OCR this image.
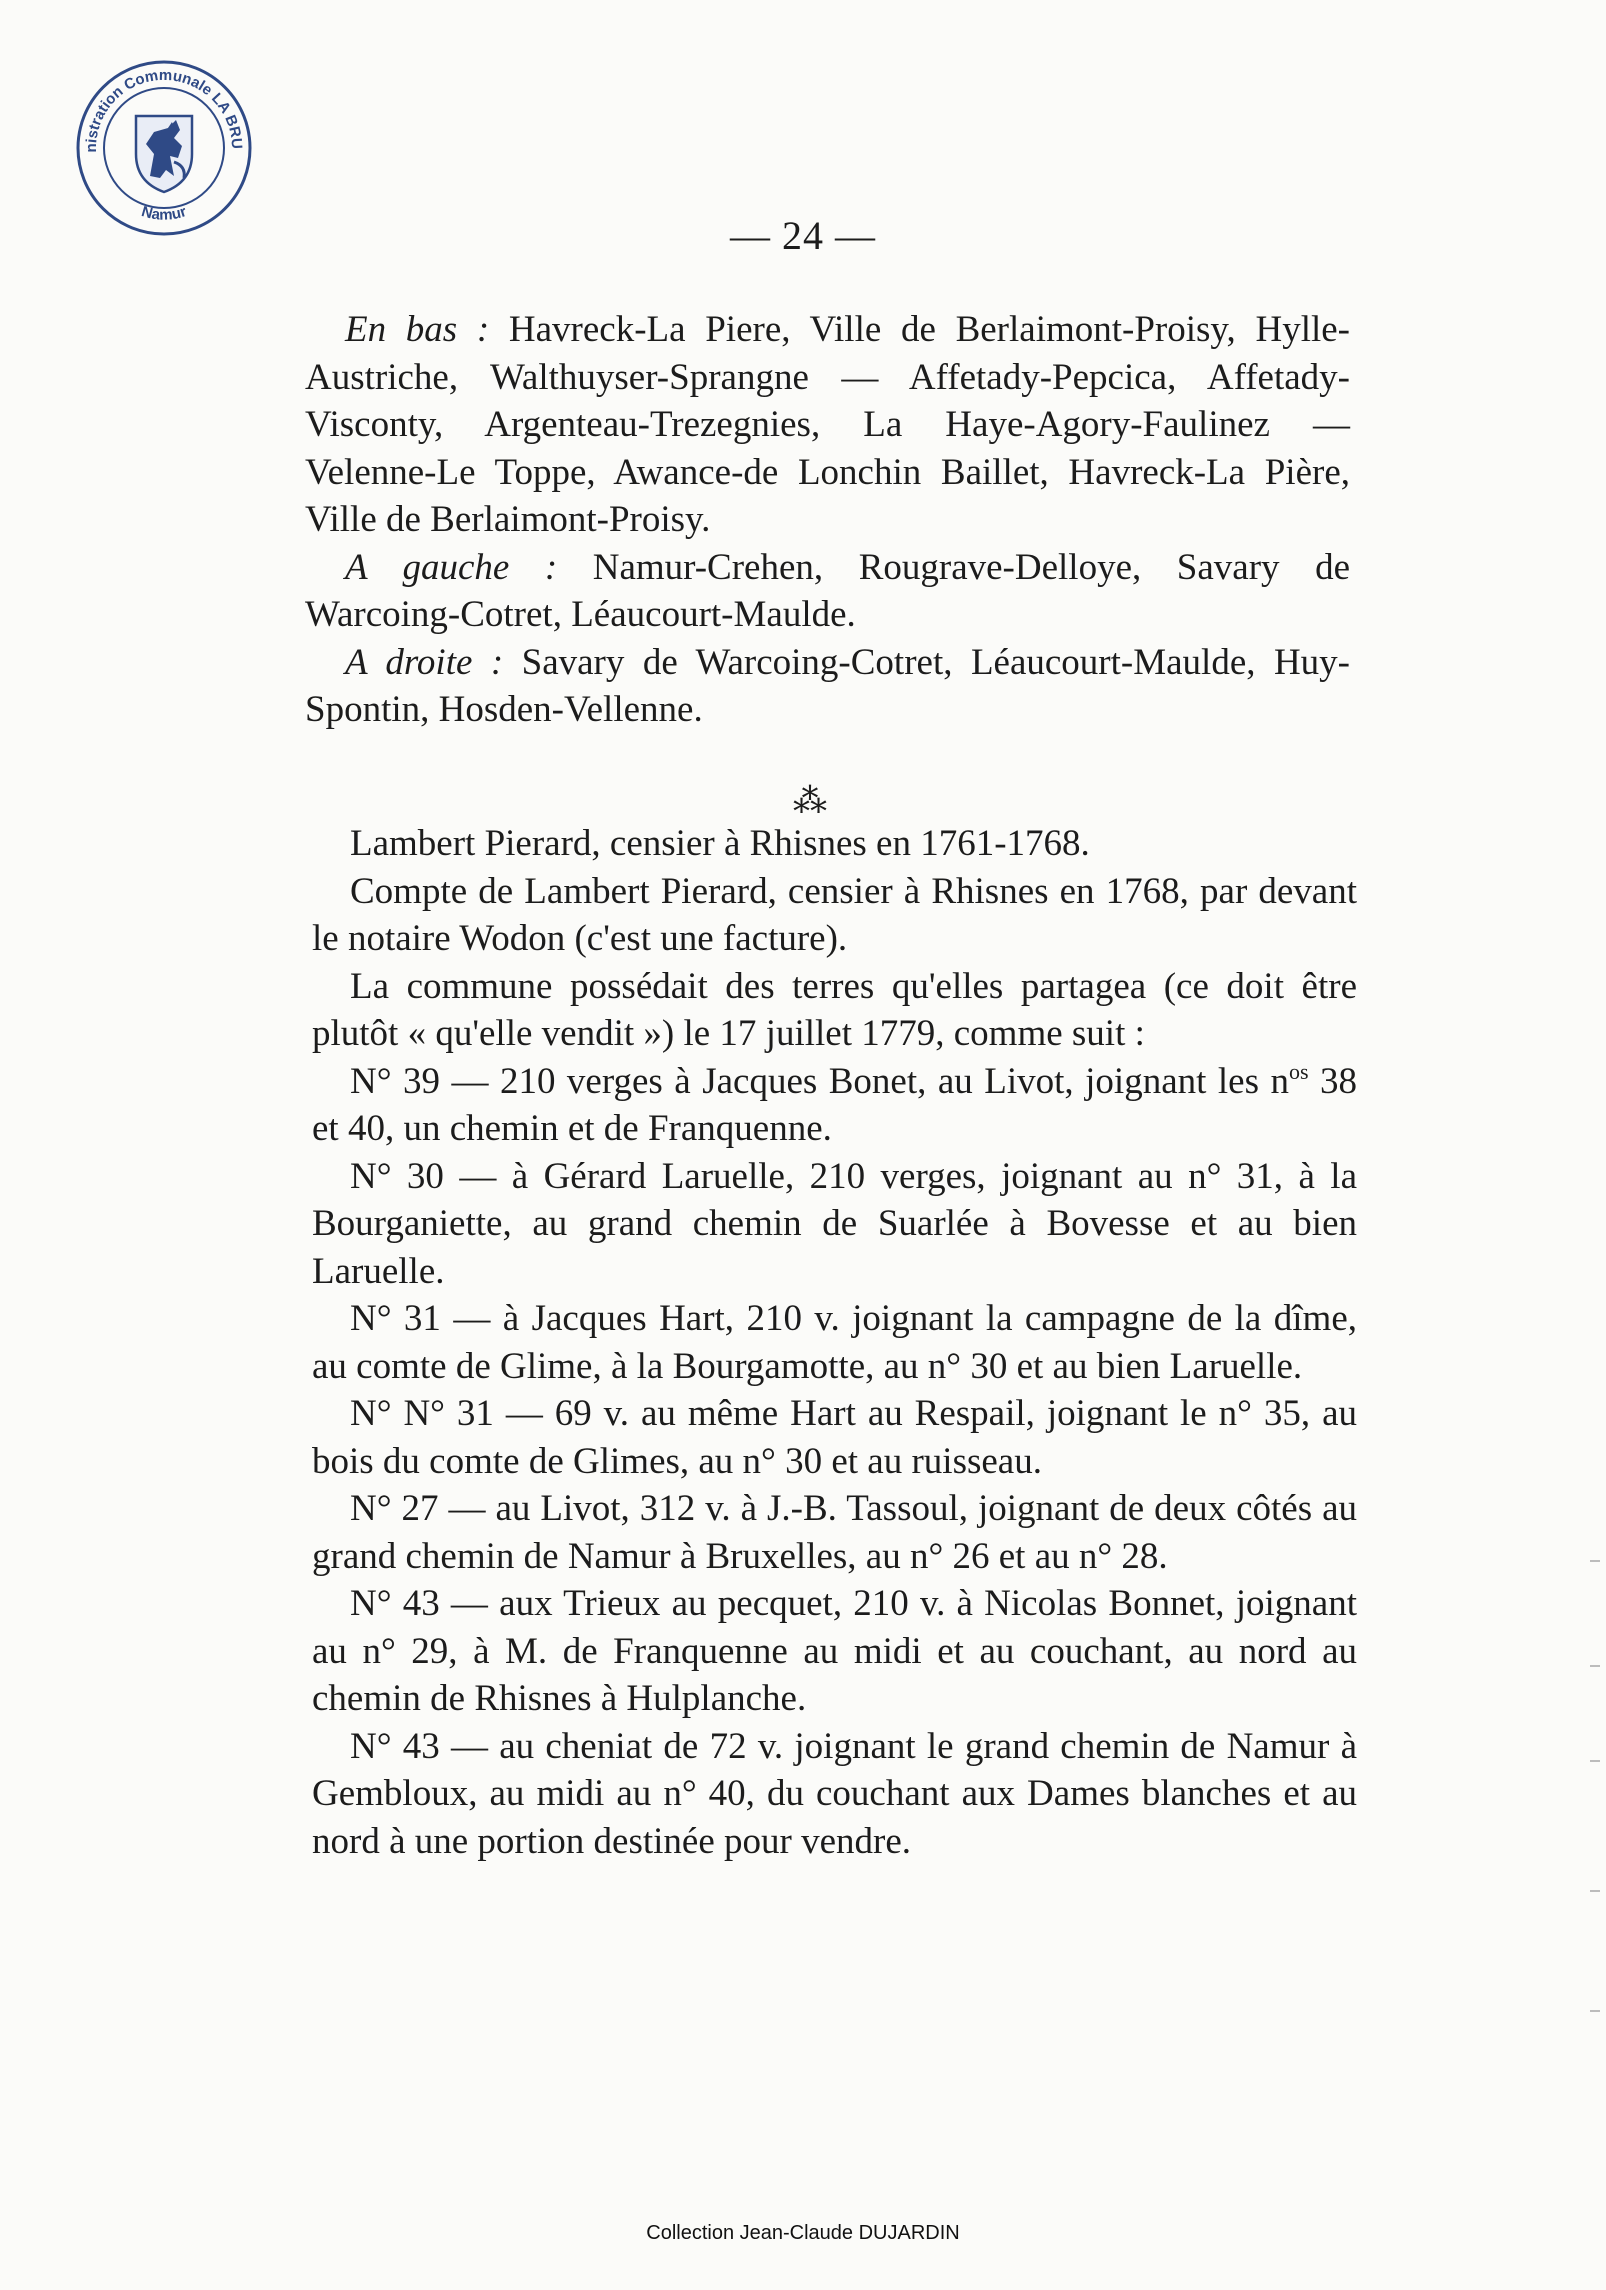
nistration Communale LA BRU
Namur
— 24 —

En bas : Havreck-La Piere, Ville de Berlaimont-Proisy, Hylle-Austriche, Walthuyser-Sprangne — Affetady-Pepcica, Affetady-Visconty, Argenteau-Trezegnies, La Haye-Agory-Faulinez — Velenne-Le Toppe, Awance-de Lonchin Baillet, Havreck-La Pière, Ville de Berlaimont-Proisy.

A gauche : Namur-Crehen, Rougrave-Delloye, Savary de Warcoing-Cotret, Léaucourt-Maulde.

A droite : Savary de Warcoing-Cotret, Léaucourt-Maulde, Huy-Spontin, Hosden-Vellenne.

⁂

Lambert Pierard, censier à Rhisnes en 1761-1768.

Compte de Lambert Pierard, censier à Rhisnes en 1768, par devant le notaire Wodon (c'est une facture).

La commune possédait des terres qu'elles partagea (ce doit être plutôt « qu'elle vendit ») le 17 juillet 1779, comme suit :

N° 39 — 210 verges à Jacques Bonet, au Livot, joignant les $n^{os}$ 38 et 40, un chemin et de Franquenne.

N° 30 — à Gérard Laruelle, 210 verges, joignant au n° 31, à la Bourganiette, au grand chemin de Suarlée à Bovesse et au bien Laruelle.

N° 31 — à Jacques Hart, 210 v. joignant la campagne de la dîme, au comte de Glime, à la Bourgamotte, au n° 30 et au bien Laruelle.

N° N° 31 — 69 v. au même Hart au Respail, joignant le n° 35, au bois du comte de Glimes, au n° 30 et au ruisseau.

N° 27 — au Livot, 312 v. à J.-B. Tassoul, joignant de deux côtés au grand chemin de Namur à Bruxelles, au n° 26 et au n° 28.

N° 43 — aux Trieux au pecquet, 210 v. à Nicolas Bonnet, joignant au n° 29, à M. de Franquenne au midi et au couchant, au nord au chemin de Rhisnes à Hulplanche.

N° 43 — au cheniat de 72 v. joignant le grand chemin de Namur à Gembloux, au midi au n° 40, du couchant aux Dames blanches et au nord à une portion destinée pour vendre.

Collection Jean-Claude DUJARDIN
